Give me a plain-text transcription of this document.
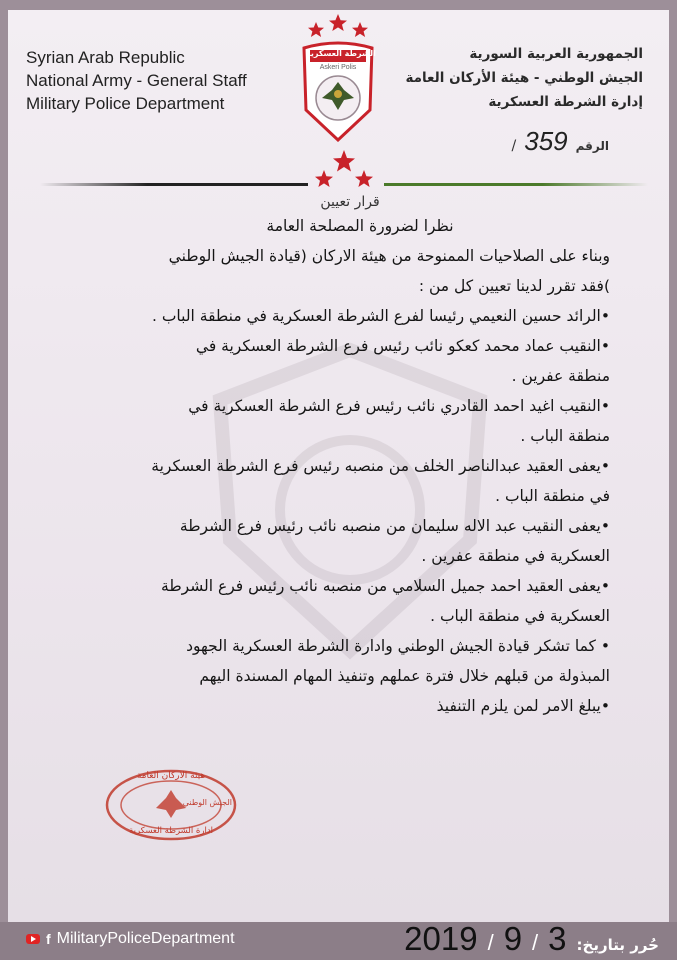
Syrian Arab Republic
National Army - General Staff
Military Police Department
الشرطة العسكرية
Askeri Polis
الجمهورية العربية السورية
الجيش الوطني - هيئة الأركان العامة
إدارة الشرطة العسكرية
الرقم
359
/
قرار تعيين
نظرا لضرورة المصلحة العامة
وبناء على الصلاحيات الممنوحة من هيئة الاركان (قيادة الجيش الوطني
)فقد تقرر لدينا تعيين كل من :
•الرائد حسين النعيمي رئيسا لفرع الشرطة العسكرية في منطقة الباب .
•النقيب عماد محمد كعكو نائب رئيس فرع الشرطة العسكرية في
منطقة عفرين .
•النقيب اغيد احمد القادري نائب رئيس فرع الشرطة العسكرية في
منطقة الباب .
•يعفى العقيد عبدالناصر الخلف من منصبه رئيس فرع الشرطة العسكرية
في منطقة الباب .
•يعفى النقيب عبد الاله سليمان من منصبه نائب رئيس فرع الشرطة
العسكرية في منطقة عفرين .
•يعفى العقيد احمد جميل السلامي من منصبه نائب رئيس فرع الشرطة
العسكرية في منطقة الباب .
• كما تشكر قيادة الجيش الوطني وادارة الشرطة العسكرية الجهود
المبذولة من قبلهم خلال فترة عملهم وتنفيذ المهام المسندة اليهم
•يبلغ الامر لمن يلزم التنفيذ
هيئة الاركان العامة
الجيش الوطني
ادارة الشرطة العسكرية
f MilitaryPoliceDepartment	حُرر بتاريخ:
3
/
9
/
2019
